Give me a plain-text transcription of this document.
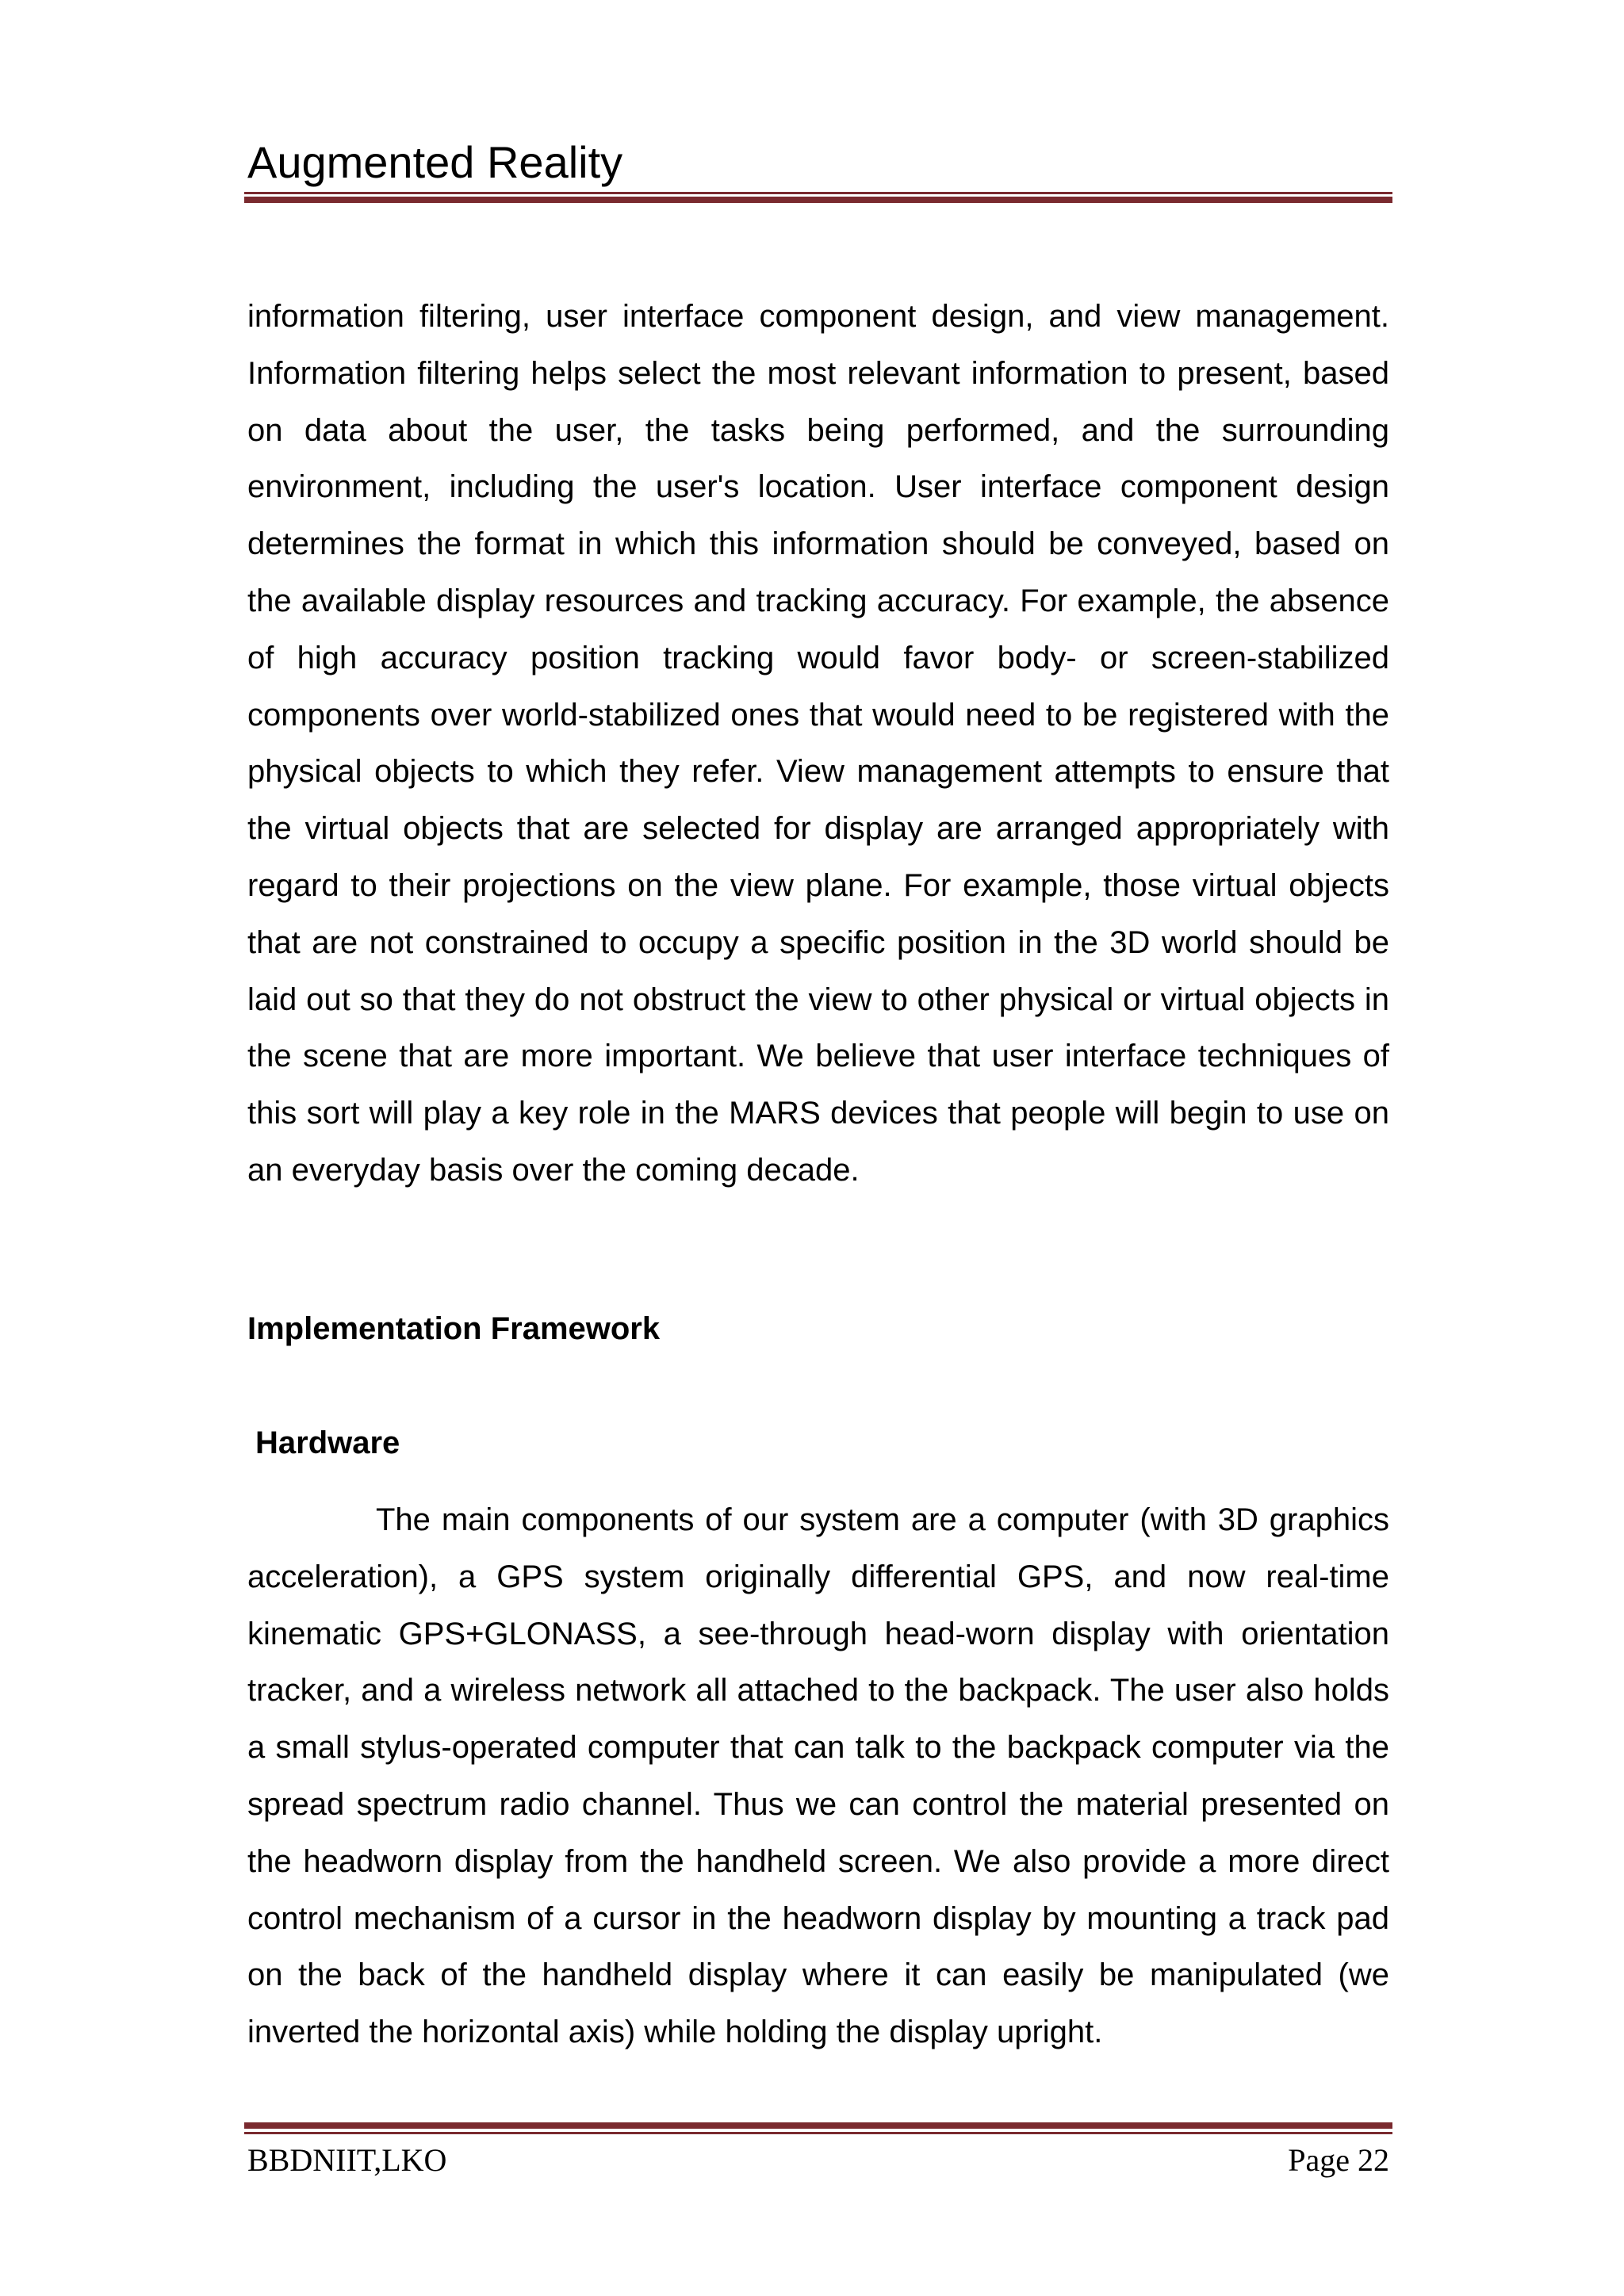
Augmented Reality
information filtering, user interface component design, and view management. Information filtering helps select the most relevant information to present, based on data about the user, the tasks being performed, and the surrounding environment, including the user's location. User interface component design determines the format in which this information should be conveyed, based on the available display resources and tracking accuracy. For example, the absence of high accuracy position tracking would favor body- or screen-stabilized components over world-stabilized ones that would need to be registered with the physical objects to which they refer. View management attempts to ensure that the virtual objects that are selected for display are arranged appropriately with regard to their projections on the view plane. For example, those virtual objects that are not constrained to occupy a specific position in the 3D world should be laid out so that they do not obstruct the view to other physical or virtual objects in the scene that are more important. We believe that user interface techniques of this sort will play a key role in the MARS devices that people will begin to use on an everyday basis over the coming decade.
Implementation Framework
Hardware
The main components of our system are a computer (with 3D graphics acceleration), a GPS system originally differential GPS, and now real-time kinematic GPS+GLONASS, a see-through head-worn display with orientation tracker, and a wireless network all attached to the backpack. The user also holds a small stylus-operated computer that can talk to the backpack computer via the spread spectrum radio channel. Thus we can control the material presented on the headworn display from the handheld screen. We also provide a more direct control mechanism of a cursor in the headworn display by mounting a track pad on the back of the handheld display where it can easily be manipulated (we inverted the horizontal axis) while holding the display upright.
BBDNIIT,LKO	Page 22
